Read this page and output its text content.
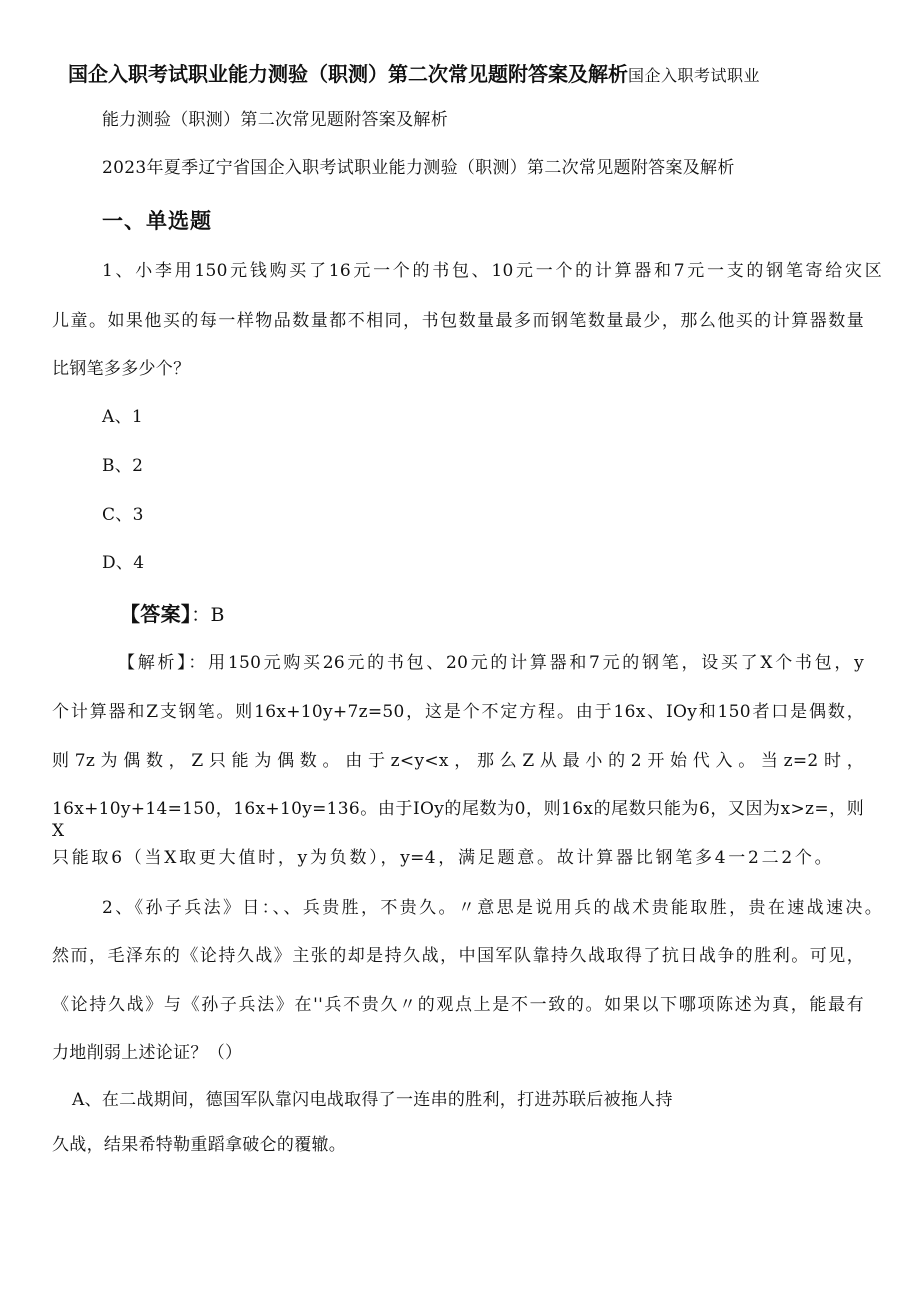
国企入职考试职业能力测验（职测）第二次常见题附答案及解析国企入职考试职业
能力测验（职测）第二次常见题附答案及解析
2023年夏季辽宁省国企入职考试职业能力测验（职测）第二次常见题附答案及解析
一、单选题
1、小李用150元钱购买了16元一个的书包、10元一个的计算器和7元一支的钢笔寄给灾区
儿童。如果他买的每一样物品数量都不相同，书包数量最多而钢笔数量最少，那么他买的计算器数量
比钢笔多多少个？
A、1
B、2
C、3
D、4
【答案】：B
【解析】：用150元购买26元的书包、20元的计算器和7元的钢笔，设买了X个书包，y
个计算器和Z支钢笔。则16x+10y+7z=50，这是个不定方程。由于16x、IOy和150者口是偶数，
则7z为偶数，Z只能为偶数。由于z<y<x，那么Z从最小的2开始代入。当z=2时，
16x+10y+14=150，16x+10y=136。由于IOy的尾数为0，则16x的尾数只能为6，又因为x>z=，则X
只能取6（当X取更大值时，y为负数），y=4，满足题意。故计算器比钢笔多4一2二2个。
2、《孙子兵法》日：、、兵贵胜，不贵久。〃意思是说用兵的战术贵能取胜，贵在速战速决。
然而，毛泽东的《论持久战》主张的却是持久战，中国军队靠持久战取得了抗日战争的胜利。可见，
《论持久战》与《孙子兵法》在''兵不贵久〃的观点上是不一致的。如果以下哪项陈述为真，能最有
力地削弱上述论证？（）
A、在二战期间，德国军队靠闪电战取得了一连串的胜利，打进苏联后被拖人持
久战，结果希特勒重蹈拿破仑的覆辙。
